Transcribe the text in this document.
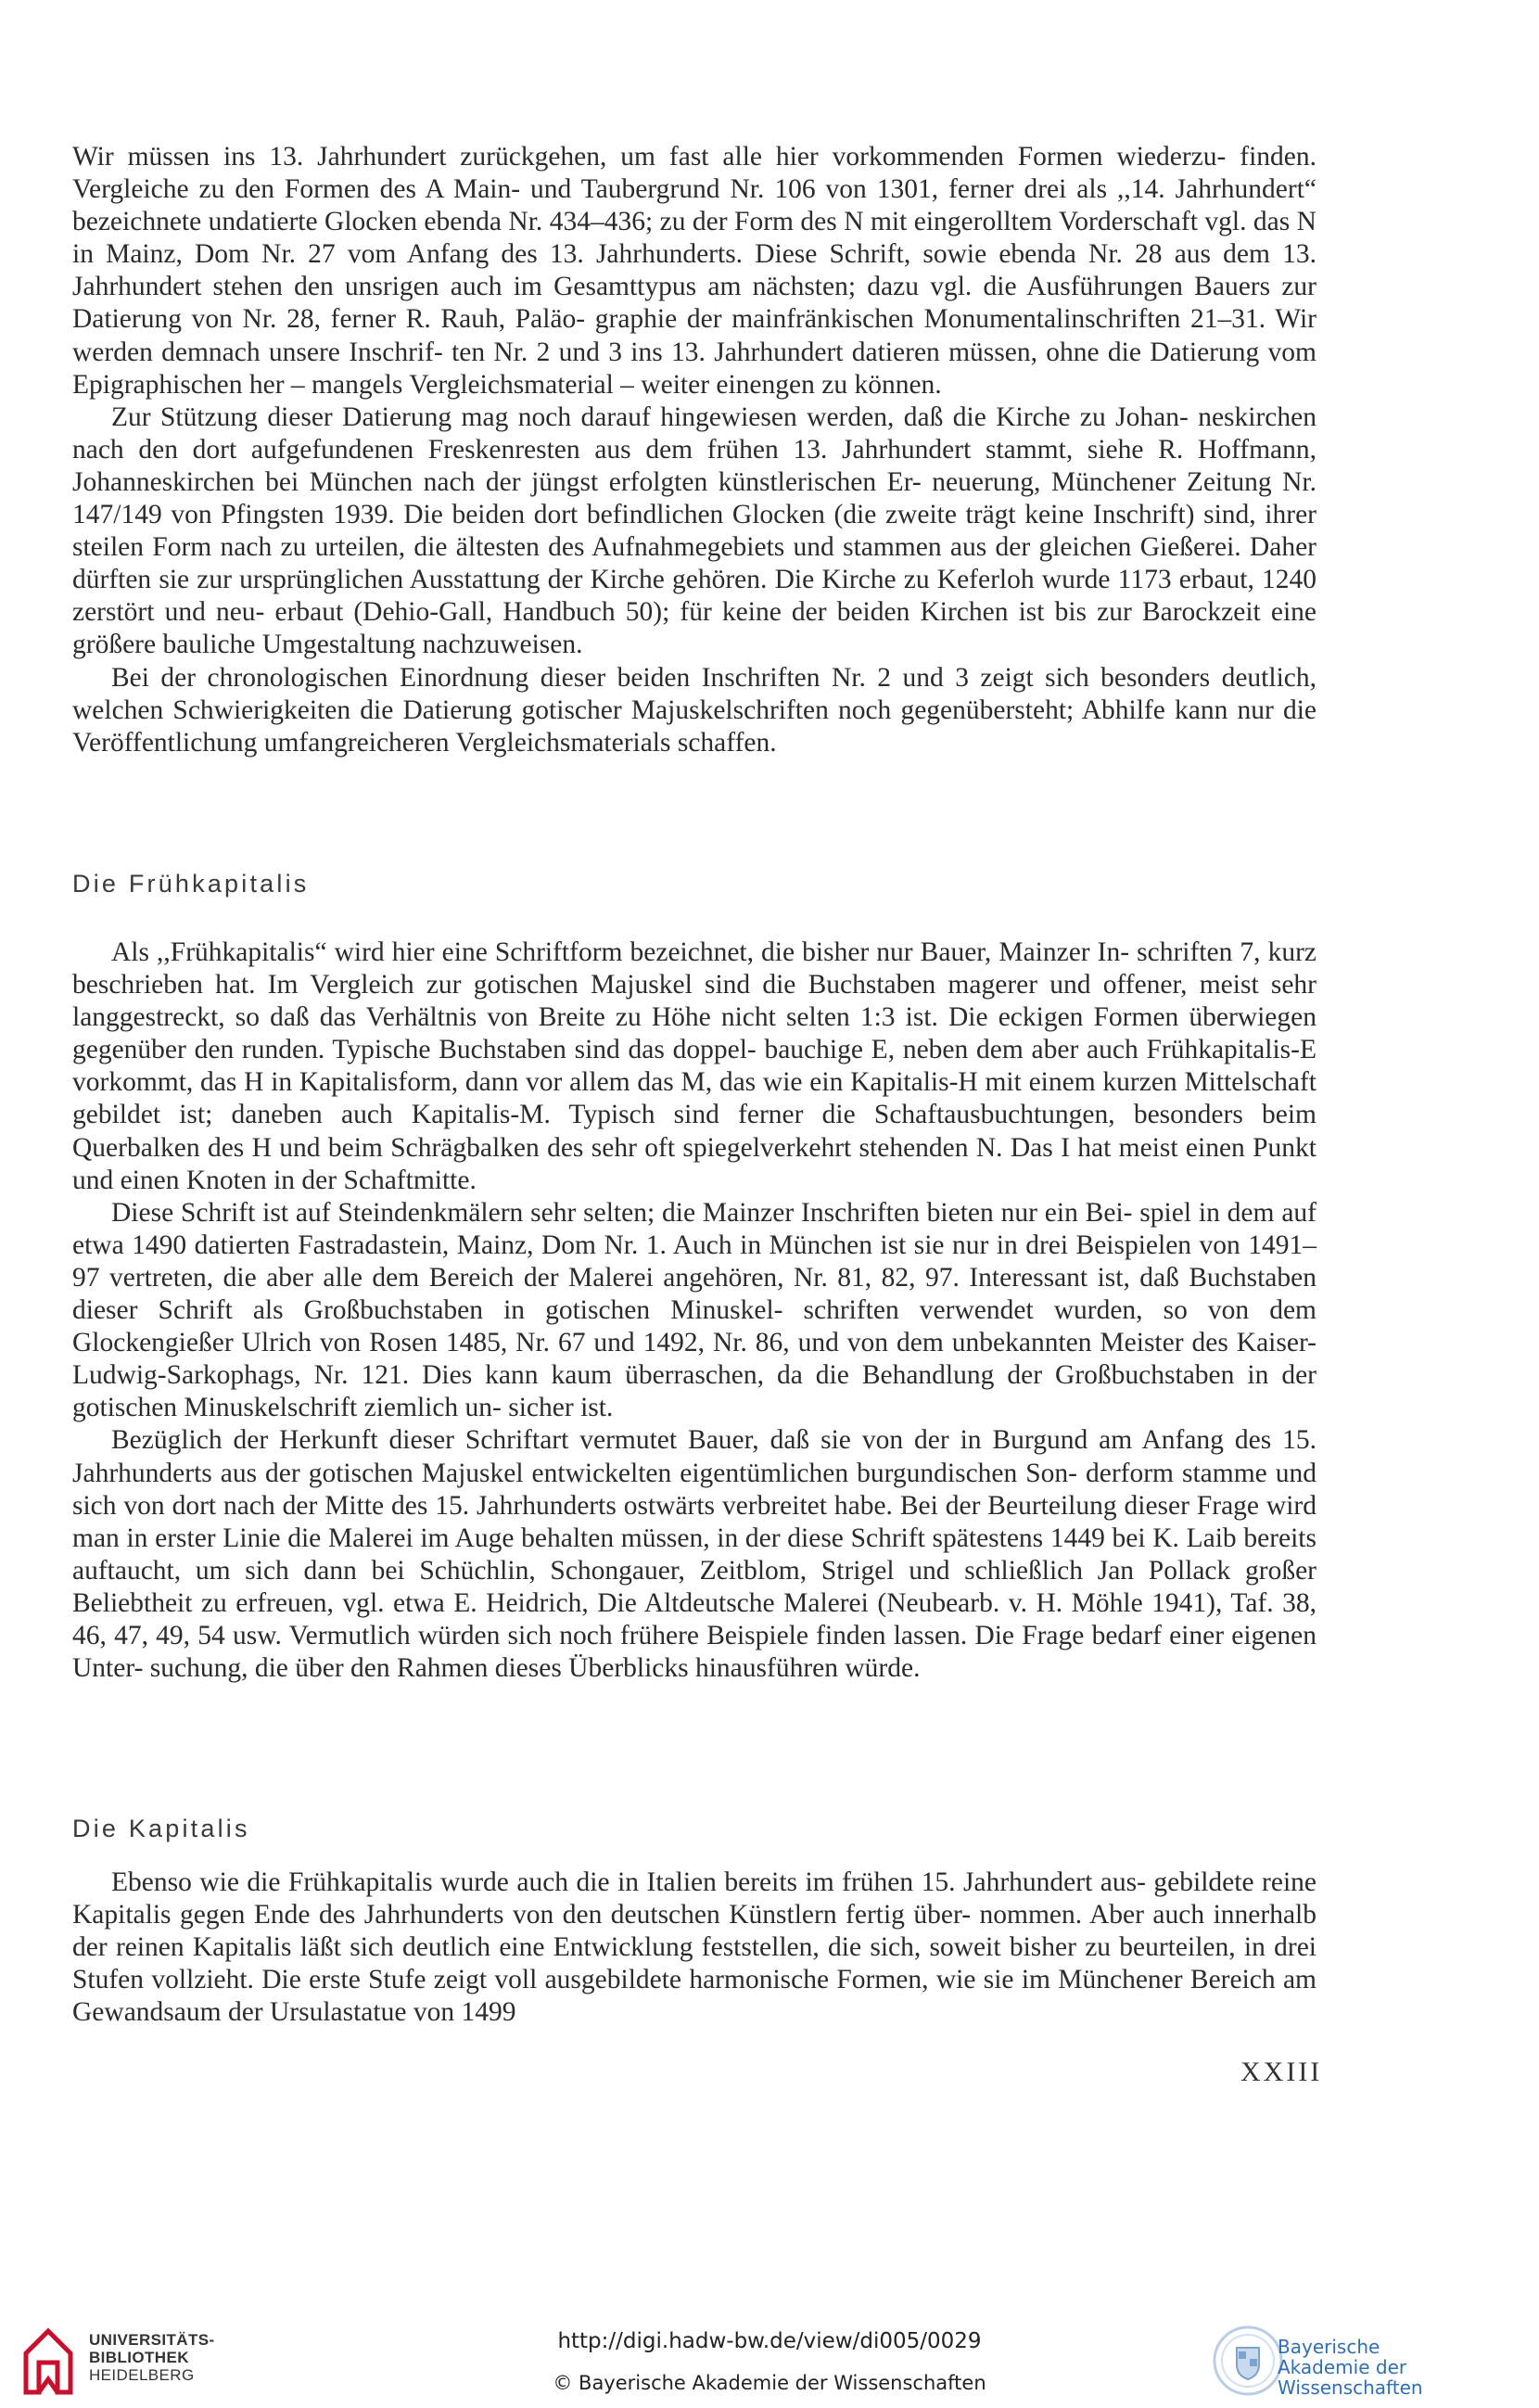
Wir müssen ins 13. Jahrhundert zurückgehen, um fast alle hier vorkommenden Formen wiederzu- finden. Vergleiche zu den Formen des A Main- und Taubergrund Nr. 106 von 1301, ferner drei als ,,14. Jahrhundert“ bezeichnete undatierte Glocken ebenda Nr. 434–436; zu der Form des N mit eingerolltem Vorderschaft vgl. das N in Mainz, Dom Nr. 27 vom Anfang des 13. Jahrhunderts. Diese Schrift, sowie ebenda Nr. 28 aus dem 13. Jahrhundert stehen den unsrigen auch im Gesamttypus am nächsten; dazu vgl. die Ausführungen Bauers zur Datierung von Nr. 28, ferner R. Rauh, Paläo- graphie der mainfränkischen Monumentalinschriften 21–31. Wir werden demnach unsere Inschrif- ten Nr. 2 und 3 ins 13. Jahrhundert datieren müssen, ohne die Datierung vom Epigraphischen her – mangels Vergleichsmaterial – weiter einengen zu können.

Zur Stützung dieser Datierung mag noch darauf hingewiesen werden, daß die Kirche zu Johan- neskirchen nach den dort aufgefundenen Freskenresten aus dem frühen 13. Jahrhundert stammt, siehe R. Hoffmann, Johanneskirchen bei München nach der jüngst erfolgten künstlerischen Er- neuerung, Münchener Zeitung Nr. 147/149 von Pfingsten 1939. Die beiden dort befindlichen Glocken (die zweite trägt keine Inschrift) sind, ihrer steilen Form nach zu urteilen, die ältesten des Aufnahmegebiets und stammen aus der gleichen Gießerei. Daher dürften sie zur ursprünglichen Ausstattung der Kirche gehören. Die Kirche zu Keferloh wurde 1173 erbaut, 1240 zerstört und neu- erbaut (Dehio-Gall, Handbuch 50); für keine der beiden Kirchen ist bis zur Barockzeit eine größere bauliche Umgestaltung nachzuweisen.

Bei der chronologischen Einordnung dieser beiden Inschriften Nr. 2 und 3 zeigt sich besonders deutlich, welchen Schwierigkeiten die Datierung gotischer Majuskelschriften noch gegenübersteht; Abhilfe kann nur die Veröffentlichung umfangreicheren Vergleichsmaterials schaffen.

Die Frühkapitalis

Als ,,Frühkapitalis“ wird hier eine Schriftform bezeichnet, die bisher nur Bauer, Mainzer In- schriften 7, kurz beschrieben hat. Im Vergleich zur gotischen Majuskel sind die Buchstaben magerer und offener, meist sehr langgestreckt, so daß das Verhältnis von Breite zu Höhe nicht selten 1:3 ist. Die eckigen Formen überwiegen gegenüber den runden. Typische Buchstaben sind das doppel- bauchige E, neben dem aber auch Frühkapitalis-E vorkommt, das H in Kapitalisform, dann vor allem das M, das wie ein Kapitalis-H mit einem kurzen Mittelschaft gebildet ist; daneben auch Kapitalis-M. Typisch sind ferner die Schaftausbuchtungen, besonders beim Querbalken des H und beim Schrägbalken des sehr oft spiegelverkehrt stehenden N. Das I hat meist einen Punkt und einen Knoten in der Schaftmitte.

Diese Schrift ist auf Steindenkmälern sehr selten; die Mainzer Inschriften bieten nur ein Bei- spiel in dem auf etwa 1490 datierten Fastradastein, Mainz, Dom Nr. 1. Auch in München ist sie nur in drei Beispielen von 1491–97 vertreten, die aber alle dem Bereich der Malerei angehören, Nr. 81, 82, 97. Interessant ist, daß Buchstaben dieser Schrift als Großbuchstaben in gotischen Minuskel- schriften verwendet wurden, so von dem Glockengießer Ulrich von Rosen 1485, Nr. 67 und 1492, Nr. 86, und von dem unbekannten Meister des Kaiser-Ludwig-Sarkophags, Nr. 121. Dies kann kaum überraschen, da die Behandlung der Großbuchstaben in der gotischen Minuskelschrift ziemlich un- sicher ist.

Bezüglich der Herkunft dieser Schriftart vermutet Bauer, daß sie von der in Burgund am Anfang des 15. Jahrhunderts aus der gotischen Majuskel entwickelten eigentümlichen burgundischen Son- derform stamme und sich von dort nach der Mitte des 15. Jahrhunderts ostwärts verbreitet habe. Bei der Beurteilung dieser Frage wird man in erster Linie die Malerei im Auge behalten müssen, in der diese Schrift spätestens 1449 bei K. Laib bereits auftaucht, um sich dann bei Schüchlin, Schongauer, Zeitblom, Strigel und schließlich Jan Pollack großer Beliebtheit zu erfreuen, vgl. etwa E. Heidrich, Die Altdeutsche Malerei (Neubearb. v. H. Möhle 1941), Taf. 38, 46, 47, 49, 54 usw. Vermutlich würden sich noch frühere Beispiele finden lassen. Die Frage bedarf einer eigenen Unter- suchung, die über den Rahmen dieses Überblicks hinausführen würde.

Die Kapitalis

Ebenso wie die Frühkapitalis wurde auch die in Italien bereits im frühen 15. Jahrhundert aus- gebildete reine Kapitalis gegen Ende des Jahrhunderts von den deutschen Künstlern fertig über- nommen. Aber auch innerhalb der reinen Kapitalis läßt sich deutlich eine Entwicklung feststellen, die sich, soweit bisher zu beurteilen, in drei Stufen vollzieht. Die erste Stufe zeigt voll ausgebildete harmonische Formen, wie sie im Münchener Bereich am Gewandsaum der Ursulastatue von 1499

XXIII
UNIVERSITÄTS-
BIBLIOTHEK
HEIDELBERG
http://digi.hadw-bw.de/view/di005/0029
© Bayerische Akademie der Wissenschaften
Bayerische
Akademie der Wissenschaften
